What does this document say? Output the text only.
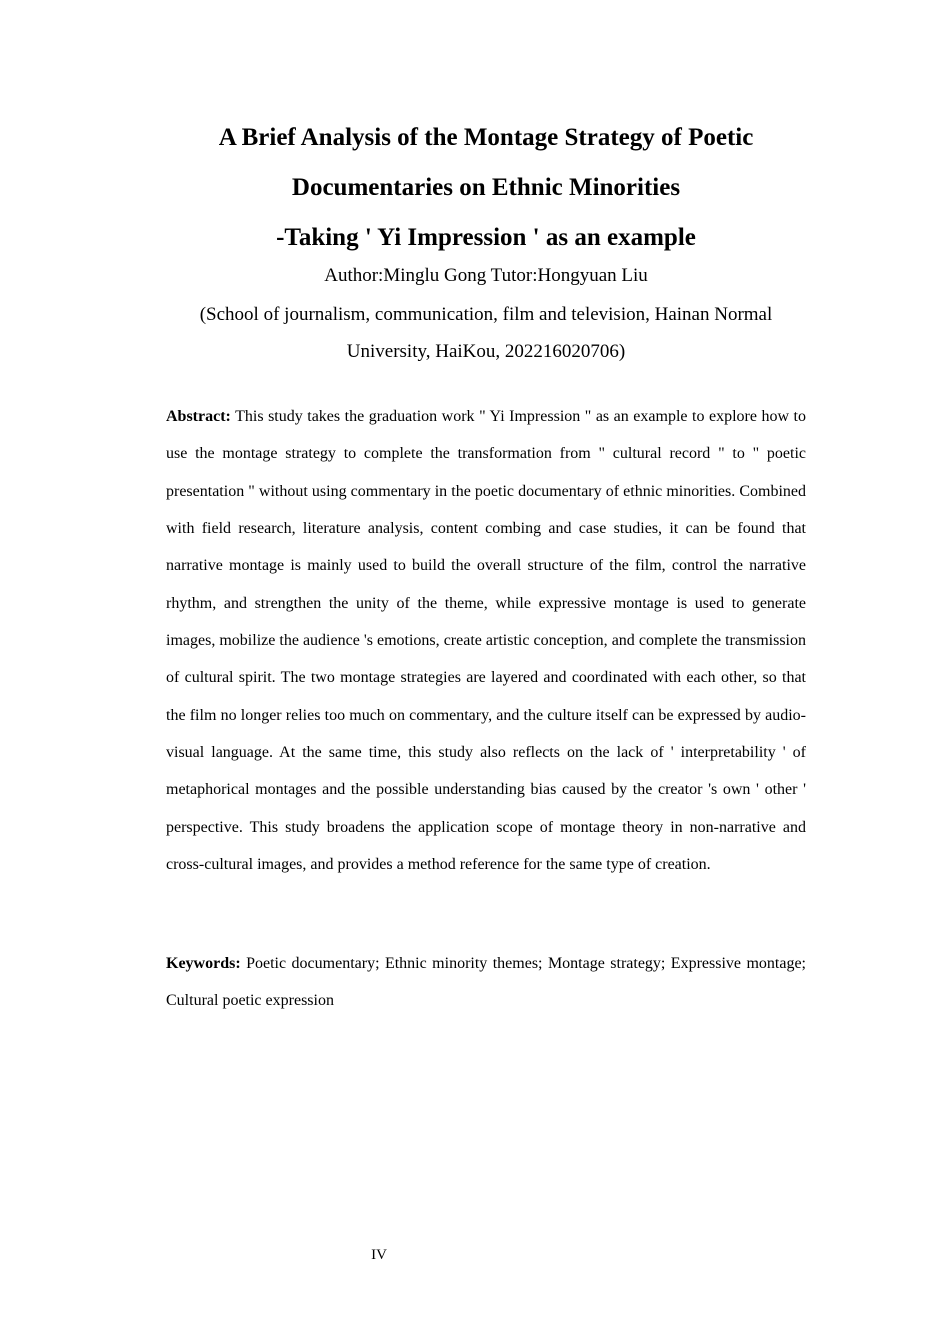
A Brief Analysis of the Montage Strategy of Poetic
Documentaries on Ethnic Minorities
-Taking ' Yi Impression ' as an example
Author:Minglu Gong Tutor:Hongyuan Liu
(School of journalism, communication, film and television, Hainan Normal
University, HaiKou, 202216020706)

Abstract: This study takes the graduation work " Yi Impression " as an example to explore how to use the montage strategy to complete the transformation from " cultural record " to " poetic presentation " without using commentary in the poetic documentary of ethnic minorities. Combined with field research, literature analysis, content combing and case studies, it can be found that narrative montage is mainly used to build the overall structure of the film, control the narrative rhythm, and strengthen the unity of the theme, while expressive montage is used to generate images, mobilize the audience 's emotions, create artistic conception, and complete the transmission of cultural spirit. The two montage strategies are layered and coordinated with each other, so that the film no longer relies too much on commentary, and the culture itself can be expressed by audio-visual language. At the same time, this study also reflects on the lack of ' interpretability ' of metaphorical montages and the possible understanding bias caused by the creator 's own ' other ' perspective. This study broadens the application scope of montage theory in non-narrative and cross-cultural images, and provides a method reference for the same type of creation.

Keywords: Poetic documentary; Ethnic minority themes; Montage strategy; Expressive montage; Cultural poetic expression

IV
